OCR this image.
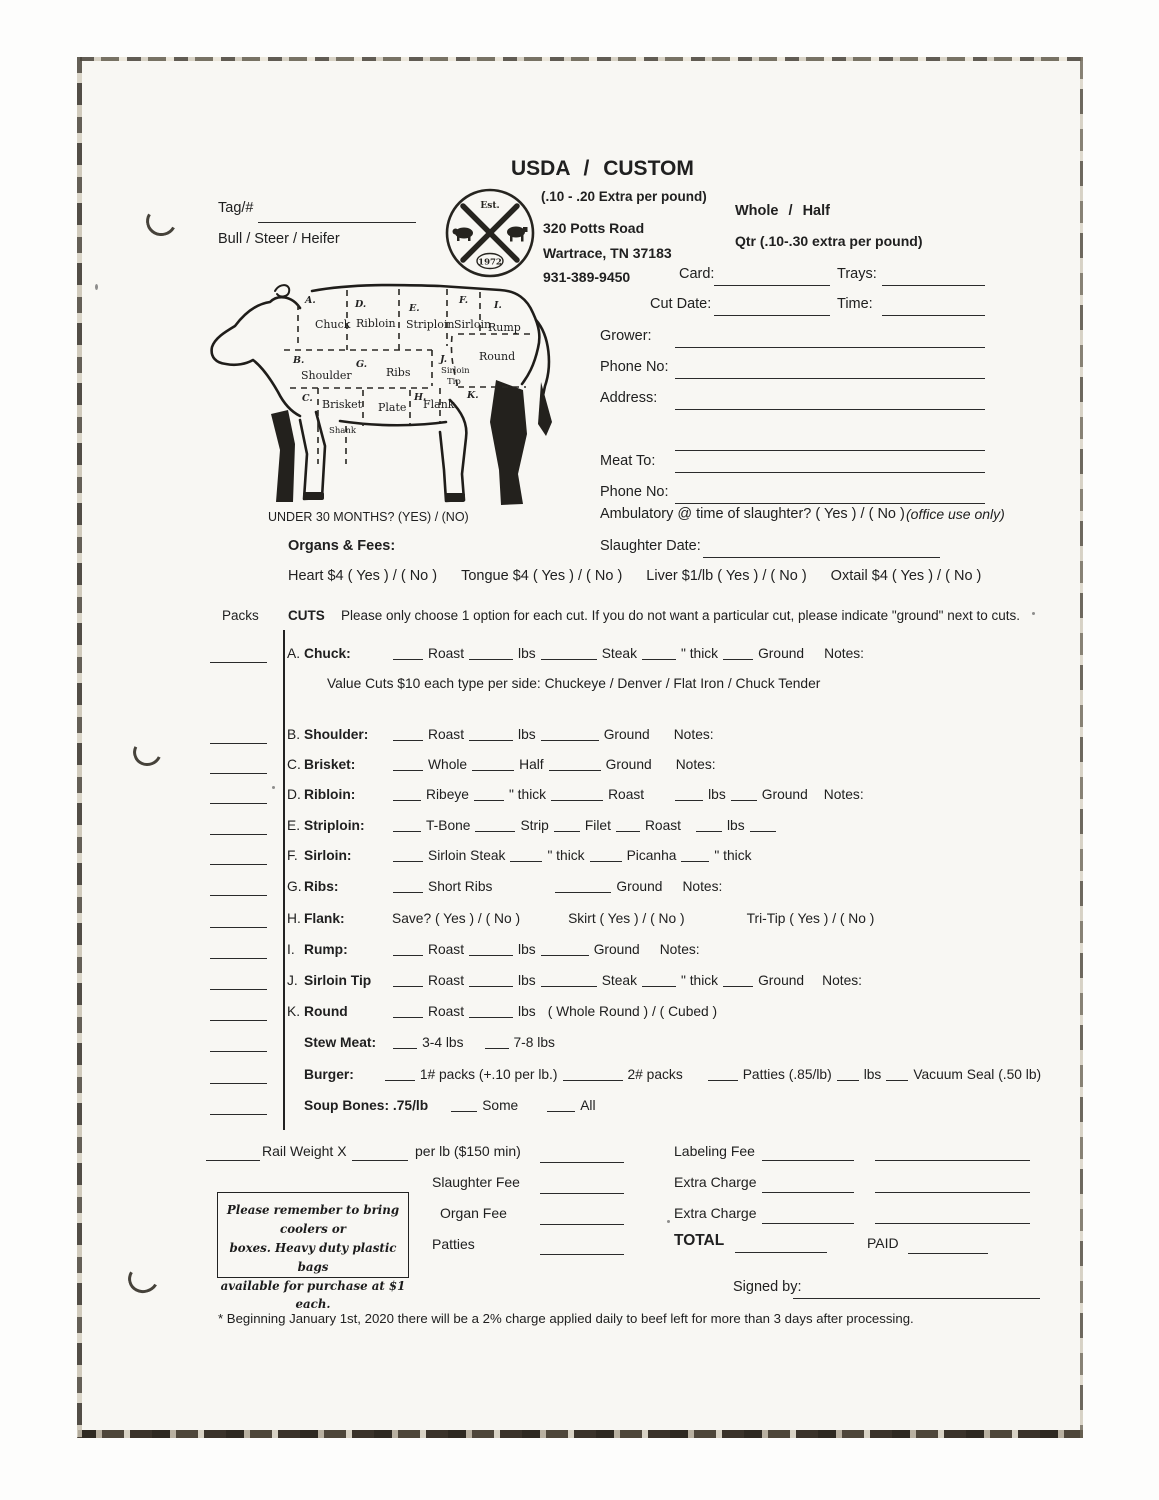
Tag/#
Bull / Steer / Heifer
Est.
1972
USDA / CUSTOM
(.10 - .20 Extra per pound)
320 Potts Road
Wartrace, TN 37183
931-389-9450
Whole / Half
Qtr (.10-.30 extra per pound)
Card:	Trays:
Cut Date:	Time:
Grower:
Phone No:
Address:
Meat To:
Phone No:
A.
Chuck
D.
Ribloin
E.
Striploin
F.
Sirloin
I.
Rump
B.
Shoulder
G.
Ribs
J.
Sirloin
Tip
Round
C. Brisket Plate
H.
Flank
K.
Shank
UNDER 30 MONTHS? (YES) / (NO)	Ambulatory @ time of slaughter? ( Yes ) / ( No ) (office use only)
Organs & Fees:	Slaughter Date:
Heart $4 ( Yes ) / ( No ) Tongue $4 ( Yes ) / ( No ) Liver $1/lb ( Yes ) / ( No ) Oxtail $4 ( Yes ) / ( No )
Packs CUTS Please only choose 1 option for each cut. If you do not want a particular cut, please indicate "ground" next to cuts.
A. Chuck:	Roast	lbs	Steak	" thick	Ground Notes:
Value Cuts $10 each type per side: Chuckeye / Denver / Flat Iron / Chuck Tender
B. Shoulder:	Roast	lbs	Ground Notes:
C. Brisket:	Whole	Half	Ground Notes:
D. Ribloin:	Ribeye	" thick	Roast	lbs	Ground Notes:
E. Striploin:	T-Bone	Strip	Filet Roast	lbs
F. Sirloin:	Sirloin Steak	" thick	Picanha	" thick
G. Ribs:	Short Ribs	Ground Notes:
H. Flank:	Save? ( Yes ) / ( No )	Skirt ( Yes ) / ( No )	Tri-Tip ( Yes ) / ( No )
I. Rump:	Roast	lbs	Ground Notes:
J. Sirloin Tip	Roast	lbs	Steak	" thick	Ground Notes:
K. Round	Roast	lbs ( Whole Round ) / ( Cubed )
Stew Meat:	3-4 lbs	7-8 lbs
Burger:	1# packs (+.10 per lb.)	2# packs	Patties (.85/lb) lbs Vacuum Seal (.50 lb)
Soup Bones: .75/lb	Some	All
Rail Weight X	per lb ($150 min)
Slaughter Fee
Organ Fee
Patties
Labeling Fee
Extra Charge
Extra Charge
TOTAL	PAID
Please remember to bring coolers or
boxes. Heavy duty plastic bags
available for purchase at $1 each.
Signed by:
* Beginning January 1st, 2020 there will be a 2% charge applied daily to beef left for more than 3 days after processing.
